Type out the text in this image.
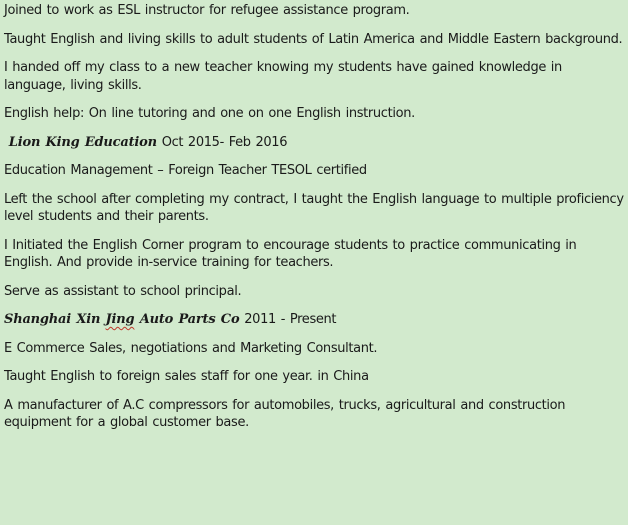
Joined to work as ESL instructor for refugee assistance program.

Taught English and living skills to adult students of Latin America and Middle Eastern background.

I handed off my class to a new teacher knowing my students have gained knowledge in language, living skills.

English help: On line tutoring and one on one English instruction.

Lion King Education Oct 2015- Feb 2016

Education Management – Foreign Teacher TESOL certified

Left the school after completing my contract, I taught the English language to multiple proficiency level students and their parents.

I Initiated the English Corner program to encourage students to practice communicating in English. And provide in-service training for teachers.

Serve as assistant to school principal.

Shanghai Xin Jing Auto Parts Co 2011 - Present

E Commerce Sales, negotiations and Marketing Consultant.

Taught English to foreign sales staff for one year. in China

A manufacturer of A.C compressors for automobiles, trucks, agricultural and construction equipment for a global customer base.
